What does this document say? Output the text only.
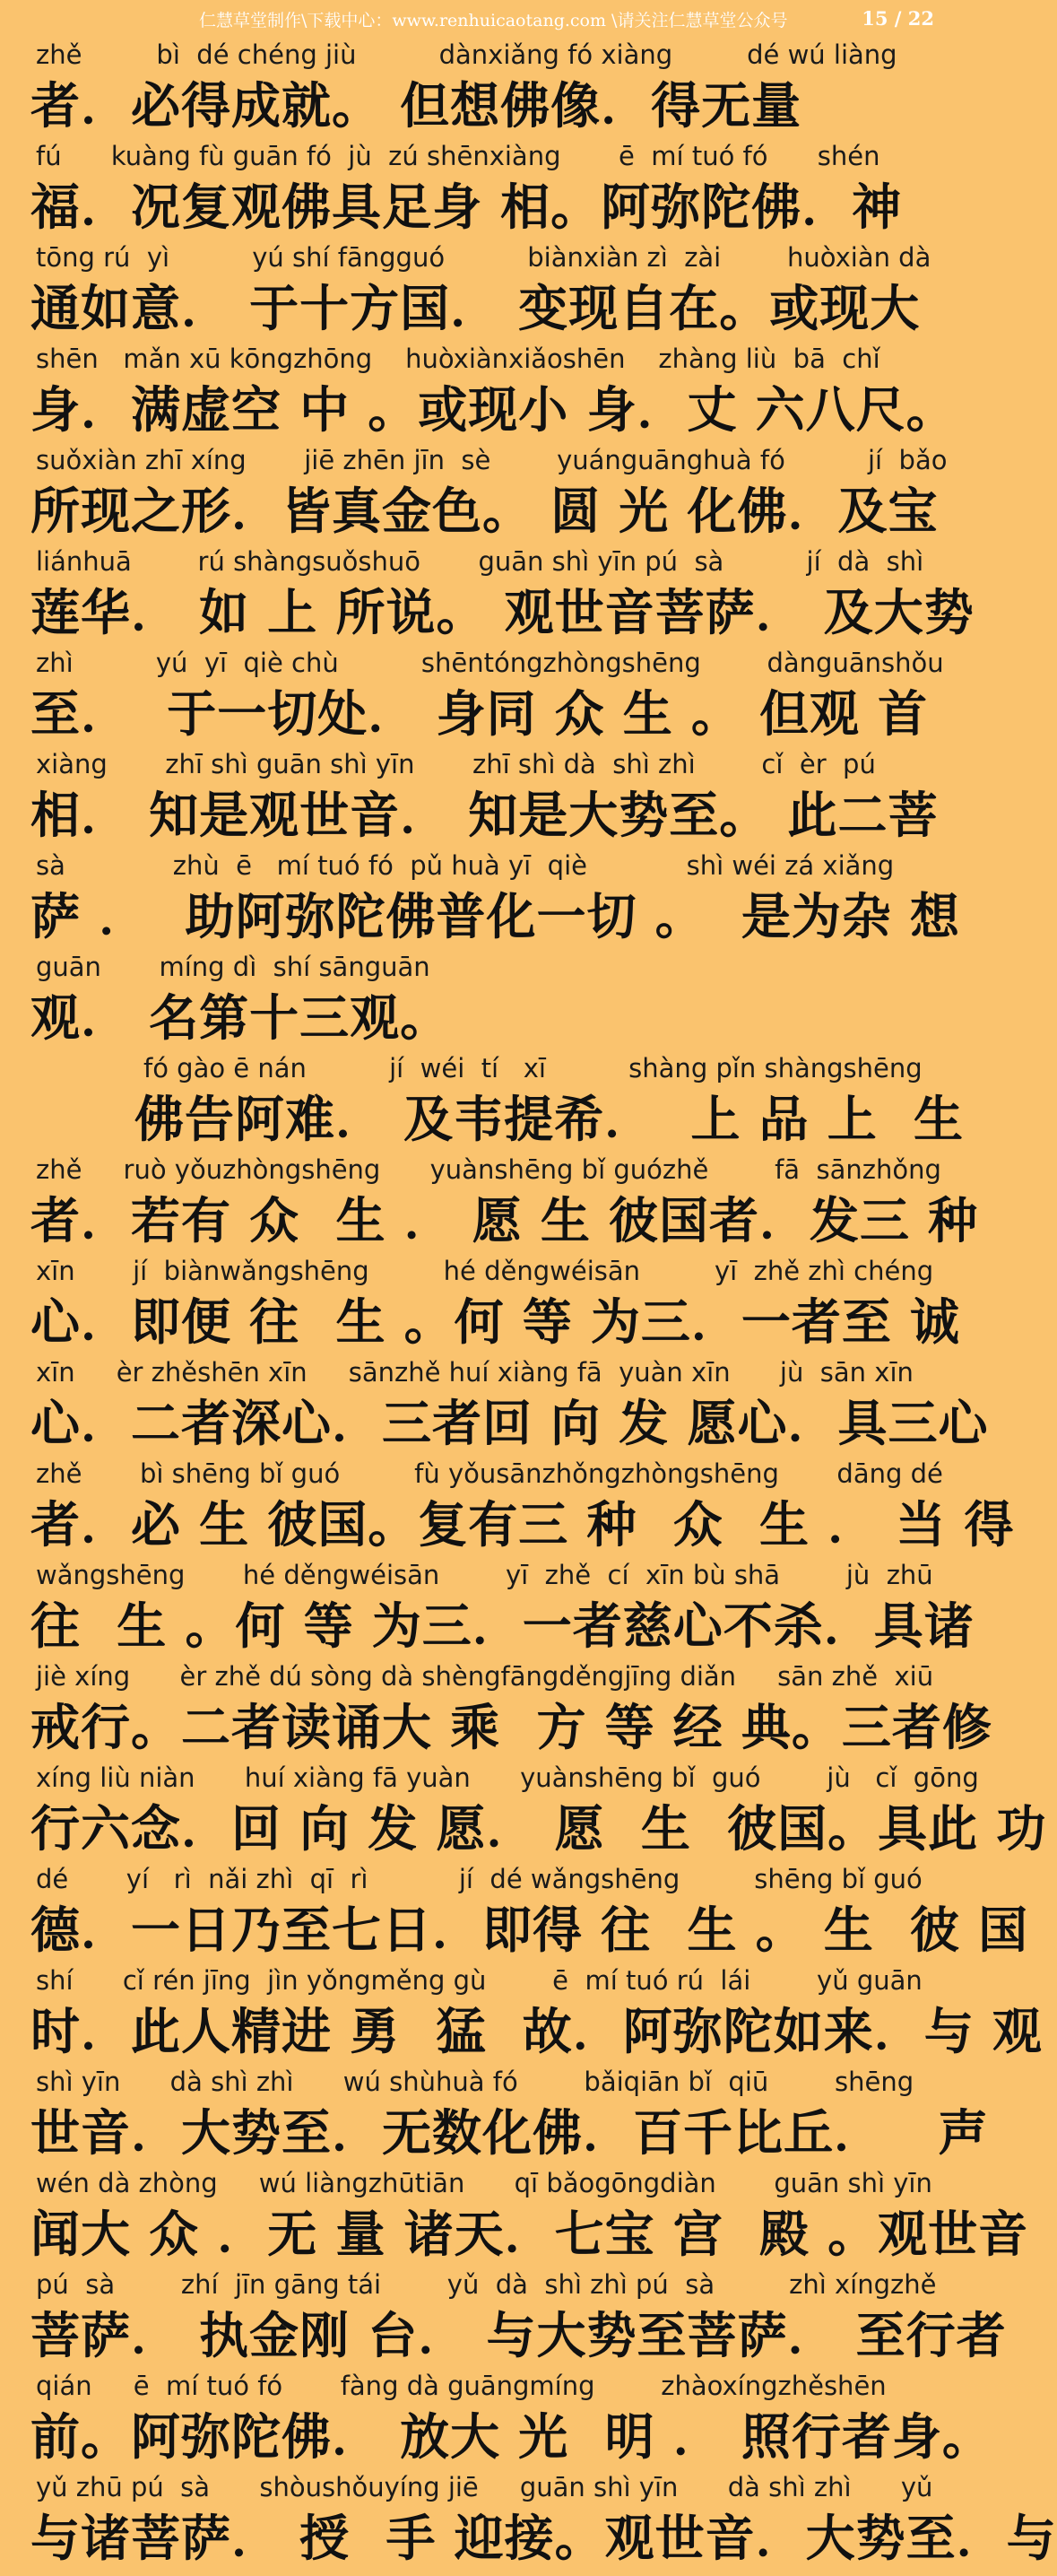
仁慧草堂制作\下载中心：www.renhuicaotang.com \请关注仁慧草堂公众号	15 / 22
zhě         bì  dé chéng jiù          dànxiǎng fó xiàng         dé wú liàng
者．必得成就。 但想佛像．得无量
fú      kuàng fù guān fó  jù  zú shēnxiàng       ē  mí tuó fó      shén
福．况复观佛具足身 相。阿弥陀佛．神
tōng rú  yì          yú shí fāngguó          biànxiàn zì  zài        huòxiàn dà
通如意． 于十方国． 变现自在。或现大
shēn   mǎn xū kōngzhōng    huòxiànxiǎoshēn    zhàng liù  bā  chǐ
身．满虚空 中 。或现小 身．丈 六八尺。
suǒxiàn zhī xíng       jiē zhēn jīn  sè        yuánguānghuà fó          jí  bǎo
所现之形．皆真金色。 圆 光 化佛．及宝
liánhuā        rú shàngsuǒshuō       guān shì yīn pú  sà          jí  dà  shì
莲华． 如 上 所说。 观世音菩萨． 及大势
zhì          yú  yī  qiè chù          shēntóngzhòngshēng        dànguānshǒu
至．  于一切处． 身同 众 生 。 但观 首
xiàng       zhī shì guān shì yīn       zhī shì dà  shì zhì        cǐ  èr  pú
相． 知是观世音． 知是大势至。 此二菩
sà             zhù  ē   mí tuó fó  pǔ huà yī  qiè            shì wéi zá xiǎng
萨 ．  助阿弥陀佛普化一切 。  是为杂 想
guān       míng dì  shí sānguān
观． 名第十三观。
fó gào ē nán          jí  wéi  tí   xī          shàng pǐn shàngshēng
佛告阿难． 及韦提希．  上 品 上  生
zhě     ruò yǒuzhòngshēng      yuànshēng bǐ guózhě        fā  sānzhǒng
者．若有 众  生 ． 愿 生 彼国者．发三 种
xīn       jí  biànwǎngshēng         hé děngwéisān         yī  zhě zhì chéng
心．即便 往  生 。何 等 为三．一者至 诚
xīn     èr zhěshēn xīn     sānzhě huí xiàng fā  yuàn xīn      jù  sān xīn
心．二者深心．三者回 向 发 愿心．具三心
zhě       bì shēng bǐ guó         fù yǒusānzhǒngzhòngshēng       dāng dé
者．必 生 彼国。复有三 种  众  生 ． 当 得
wǎngshēng       hé děngwéisān        yī  zhě  cí  xīn bù shā        jù  zhū
往  生 。何 等 为三．一者慈心不杀．具诸
jiè xíng      èr zhě dú sòng dà shèngfāngděngjīng diǎn     sān zhě  xiū
戒行。二者读诵大 乘  方 等 经 典。三者修
xíng liù niàn      huí xiàng fā yuàn      yuànshēng bǐ  guó        jù   cǐ  gōng
行六念．回 向 发 愿． 愿  生  彼国。具此 功
dé       yí   rì  nǎi zhì  qī  rì           jí  dé wǎngshēng         shēng bǐ guó
德．一日乃至七日．即得 往  生 。 生  彼 国
shí      cǐ rén jīng  jìn yǒngměng gù        ē  mí tuó rú  lái        yǔ guān
时．此人精进 勇  猛  故．阿弥陀如来．与 观
shì yīn      dà shì zhì      wú shùhuà fó        bǎiqiān bǐ  qiū        shēng
世音．大势至．无数化佛．百千比丘．   声
wén dà zhòng     wú liàngzhūtiān      qī bǎogōngdiàn       guān shì yīn
闻大 众 ．无 量 诸天．七宝 宫  殿 。观世音
pú  sà        zhí  jīn gāng tái        yǔ  dà  shì zhì pú  sà         zhì xíngzhě
菩萨． 执金刚 台． 与大势至菩萨． 至行者
qián     ē  mí tuó fó       fàng dà guāngmíng        zhàoxíngzhěshēn
前。阿弥陀佛． 放大 光  明 ． 照行者身。
yǔ zhū pú  sà      shòushǒuyíng jiē     guān shì yīn      dà shì zhì      yǔ
与诸菩萨． 授  手 迎接。观世音．大势至．与
